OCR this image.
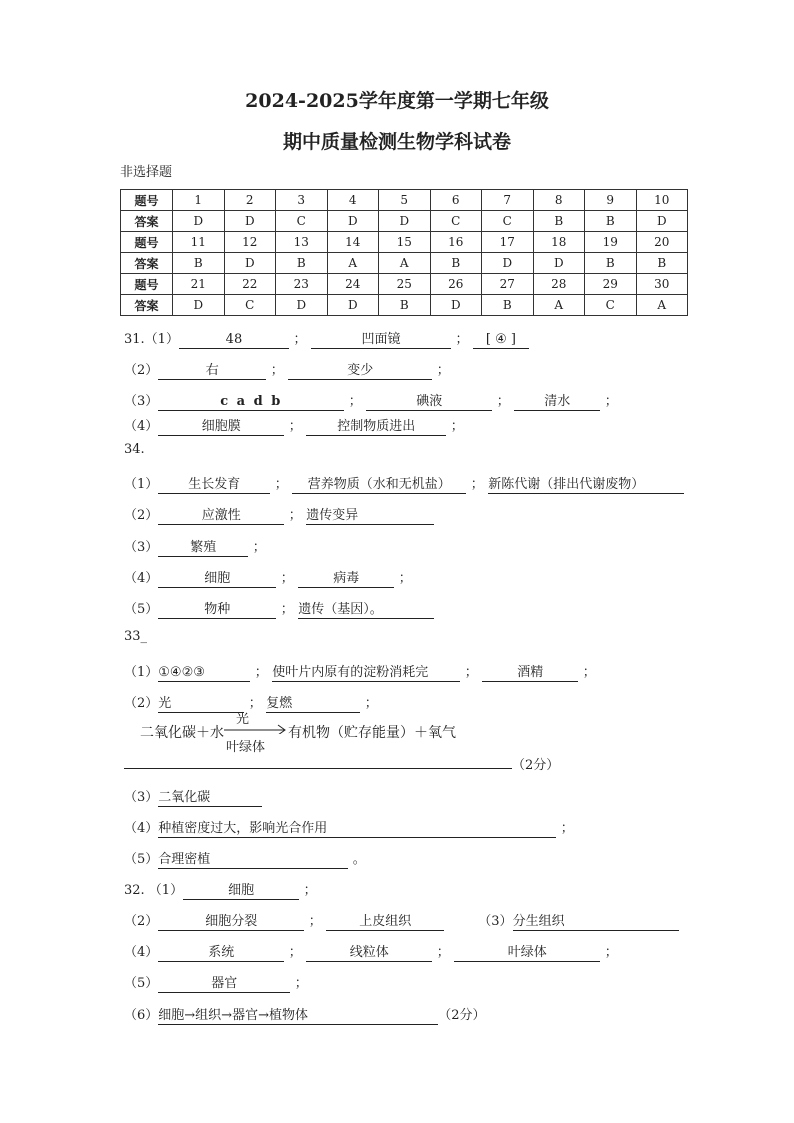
2024-2025学年度第一学期七年级
期中质量检测生物学科试卷
非选择题
题号	1	2	3	4	5	6	7	8	9	10
答案	D	D	C	D	D	C	C	B	B	D
题号	11	12	13	14	15	16	17	18	19	20
答案	B	D	B	A	A	B	D	D	B	B
题号	21	22	23	24	25	26	27	28	29	30
答案	D	C	D	D	B	D	B	A	C	A
31.（1）	48	；	凹面镜	； [ ④ ]
（2）	右	；	变少	；
（3）	c a d b	；	碘液	；	清水	；
（4）	细胞膜	；	控制物质进出	；
34.
（1） 生长发育	； 营养物质（水和无机盐） ； 新陈代谢（排出代谢废物）
（2）	应激性	； 遗传变异
（3） 繁殖	；
（4）	细胞	；	病毒	；
（5）	物种	； 遗传（基因）。
33_
（1）①④②③	； 使叶片内原有的淀粉消耗完	；	酒精	；
（2）光	； 复燃	；
二氧化碳＋水
光
叶绿体
有机物（贮存能量）＋氧气
（2分）
（3）二氧化碳
（4）种植密度过大，影响光合作用	；
（5）合理密植	。
32. （1）	细胞	；
（2）	细胞分裂	；	上皮组织	（3）分生组织
（4）	系统	；	线粒体	；	叶绿体	；
（5）	器官	；
（6）细胞→组织→器官→植物体	（2分）
